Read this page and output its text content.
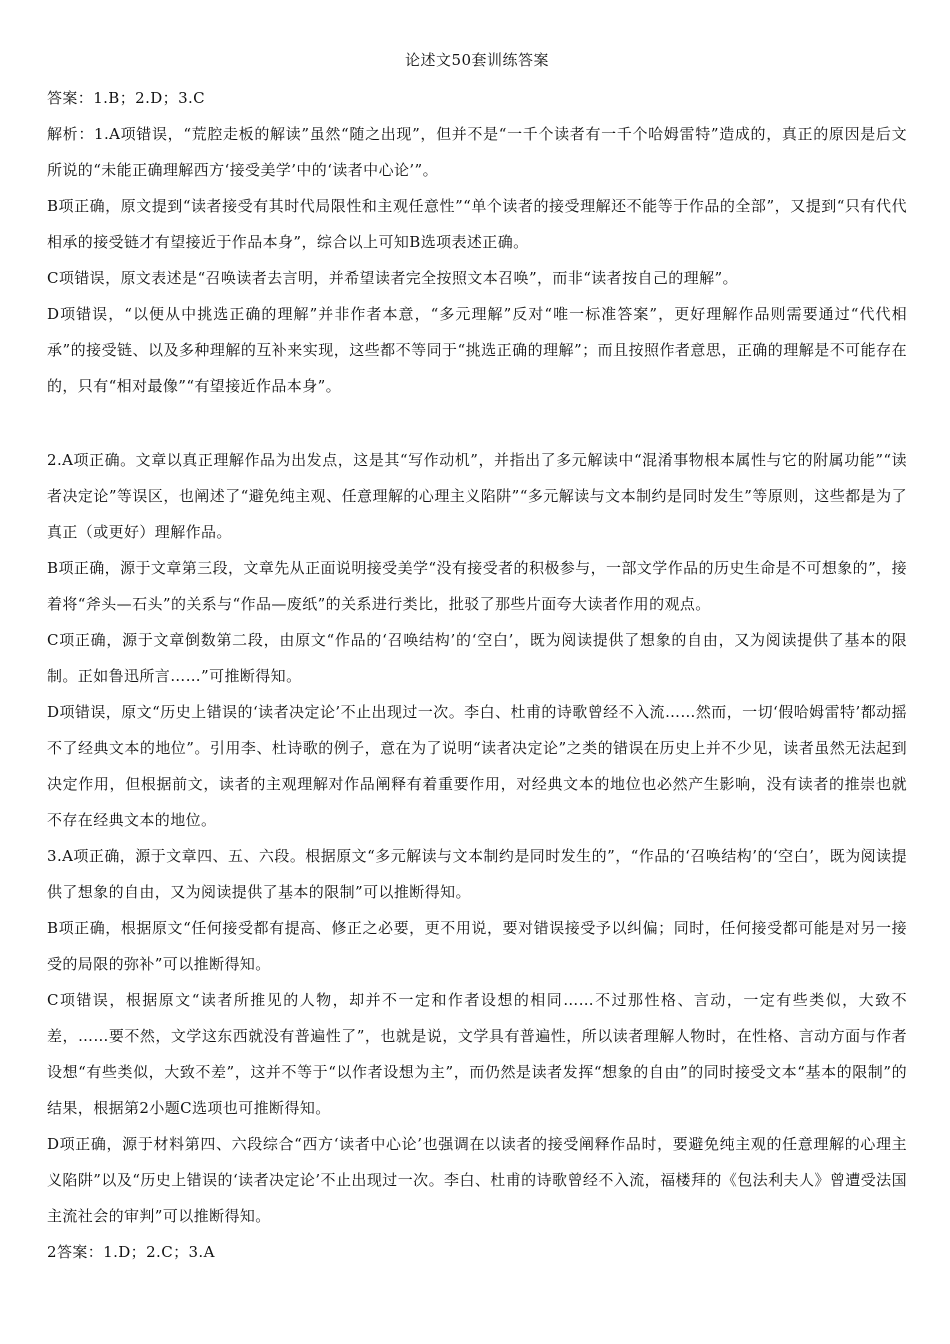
论述文50套训练答案

答案：1.B；2.D；3.C

解析：1.A项错误，“荒腔走板的解读”虽然“随之出现”，但并不是“一千个读者有一千个哈姆雷特”造成的，真正的原因是后文所说的“未能正确理解西方‘接受美学’中的‘读者中心论’”。

B项正确，原文提到“读者接受有其时代局限性和主观任意性”“单个读者的接受理解还不能等于作品的全部”，又提到“只有代代相承的接受链才有望接近于作品本身”，综合以上可知B选项表述正确。

C项错误，原文表述是“召唤读者去言明，并希望读者完全按照文本召唤”，而非“读者按自己的理解”。

D项错误，“以便从中挑选正确的理解”并非作者本意，“多元理解”反对“唯一标准答案”，更好理解作品则需要通过“代代相承”的接受链、以及多种理解的互补来实现，这些都不等同于“挑选正确的理解”；而且按照作者意思，正确的理解是不可能存在的，只有“相对最像”“有望接近作品本身”。

2.A项正确。文章以真正理解作品为出发点，这是其“写作动机”，并指出了多元解读中“混淆事物根本属性与它的附属功能”“读者决定论”等误区，也阐述了“避免纯主观、任意理解的心理主义陷阱”“多元解读与文本制约是同时发生”等原则，这些都是为了真正（或更好）理解作品。

B项正确，源于文章第三段，文章先从正面说明接受美学“没有接受者的积极参与，一部文学作品的历史生命是不可想象的”，接着将“斧头—石头”的关系与“作品—废纸”的关系进行类比，批驳了那些片面夸大读者作用的观点。

C项正确，源于文章倒数第二段，由原文“作品的‘召唤结构’的‘空白’，既为阅读提供了想象的自由，又为阅读提供了基本的限制。正如鲁迅所言……”可推断得知。

D项错误，原文“历史上错误的‘读者决定论’不止出现过一次。李白、杜甫的诗歌曾经不入流……然而，一切‘假哈姆雷特’都动摇不了经典文本的地位”。引用李、杜诗歌的例子，意在为了说明“读者决定论”之类的错误在历史上并不少见，读者虽然无法起到决定作用，但根据前文，读者的主观理解对作品阐释有着重要作用，对经典文本的地位也必然产生影响，没有读者的推崇也就不存在经典文本的地位。

3.A项正确，源于文章四、五、六段。根据原文“多元解读与文本制约是同时发生的”，“作品的‘召唤结构’的‘空白’，既为阅读提供了想象的自由，又为阅读提供了基本的限制”可以推断得知。

B项正确，根据原文“任何接受都有提高、修正之必要，更不用说，要对错误接受予以纠偏；同时，任何接受都可能是对另一接受的局限的弥补”可以推断得知。

C项错误，根据原文“读者所推见的人物，却并不一定和作者设想的相同……不过那性格、言动，一定有些类似，大致不差，……要不然，文学这东西就没有普遍性了”，也就是说，文学具有普遍性，所以读者理解人物时，在性格、言动方面与作者设想“有些类似，大致不差”，这并不等于“以作者设想为主”，而仍然是读者发挥“想象的自由”的同时接受文本“基本的限制”的结果，根据第2小题C选项也可推断得知。

D项正确，源于材料第四、六段综合“西方‘读者中心论’也强调在以读者的接受阐释作品时，要避免纯主观的任意理解的心理主义陷阱”以及“历史上错误的‘读者决定论’不止出现过一次。李白、杜甫的诗歌曾经不入流，福楼拜的《包法利夫人》曾遭受法国主流社会的审判”可以推断得知。

2答案：1.D；2.C；3.A
